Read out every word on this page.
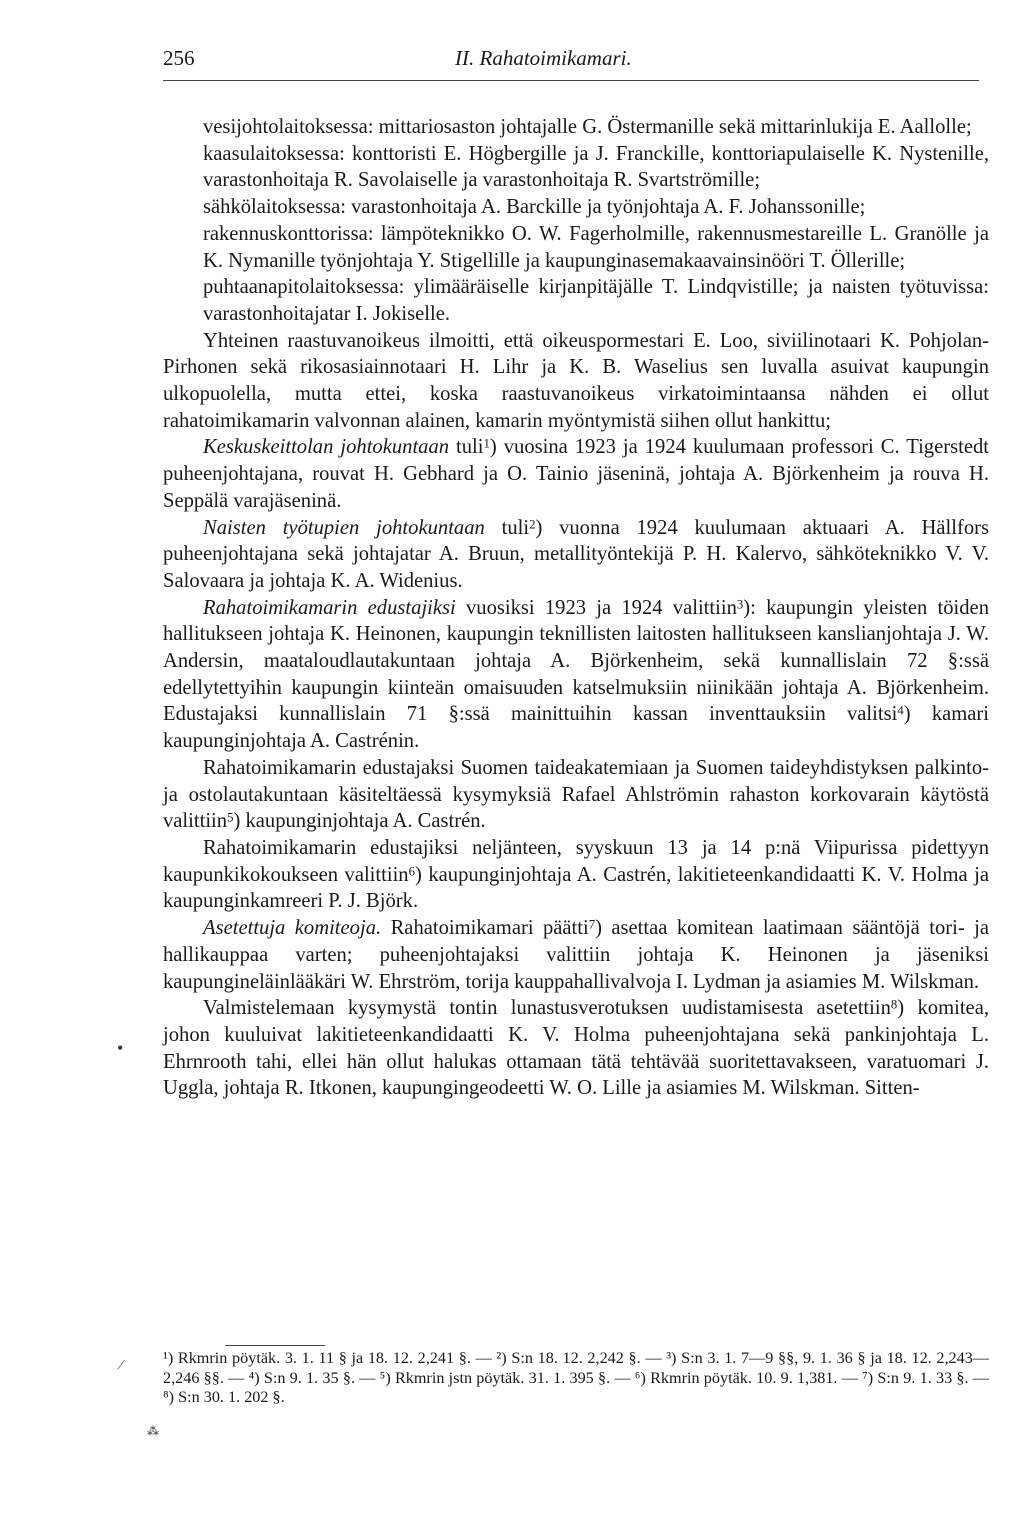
256	II. Rahatoimikamari.

vesijohtolaitoksessa: mittariosaston johtajalle G. Östermanille sekä mittarinlukija E. Aallolle;

kaasulaitoksessa: konttoristi E. Högbergille ja J. Franckille, konttoriapulaiselle K. Nystenille, varastonhoitaja R. Savolaiselle ja varastonhoitaja R. Svartströmille;

sähkölaitoksessa: varastonhoitaja A. Barckille ja työnjohtaja A. F. Johanssonille;

rakennuskonttorissa: lämpöteknikko O. W. Fagerholmille, rakennusmestareille L. Granölle ja K. Nymanille työnjohtaja Y. Stigellille ja kaupunginasemakaavainsinööri T. Öllerille;

puhtaanapitolaitoksessa: ylimääräiselle kirjanpitäjälle T. Lindqvistille; ja naisten työtuvissa: varastonhoitajatar I. Jokiselle.

Yhteinen raastuvanoikeus ilmoitti, että oikeuspormestari E. Loo, siviilinotaari K. Pohjolan-Pirhonen sekä rikosasiainnotaari H. Lihr ja K. B. Waselius sen luvalla asuivat kaupungin ulkopuolella, mutta ettei, koska raastuvanoikeus virkatoimintaansa nähden ei ollut rahatoimikamarin valvonnan alainen, kamarin myöntymistä siihen ollut hankittu;

Keskuskeittolan johtokuntaan tuli$^1$) vuosina 1923 ja 1924 kuulumaan professori C. Tigerstedt puheenjohtajana, rouvat H. Gebhard ja O. Tainio jäseninä, johtaja A. Björkenheim ja rouva H. Seppälä varajäseninä.

Naisten työtupien johtokuntaan tuli$^2$) vuonna 1924 kuulumaan aktuaari A. Hällfors puheenjohtajana sekä johtajatar A. Bruun, metallityöntekijä P. H. Kalervo, sähköteknikko V. V. Salovaara ja johtaja K. A. Widenius.

Rahatoimikamarin edustajiksi vuosiksi 1923 ja 1924 valittiin$^3$): kaupungin yleisten töiden hallitukseen johtaja K. Heinonen, kaupungin teknillisten laitosten hallitukseen kanslianjohtaja J. W. Andersin, maataloudlautakuntaan johtaja A. Björkenheim, sekä kunnallislain 72 §:ssä edellytettyihin kaupungin kiinteän omaisuuden katselmuksiin niinikään johtaja A. Björkenheim. Edustajaksi kunnallislain 71 §:ssä mainittuihin kassan inventtauksiin valitsi$^4$) kamari kaupunginjohtaja A. Castrénin.

Rahatoimikamarin edustajaksi Suomen taideakatemiaan ja Suomen taideyhdistyksen palkinto- ja ostolautakuntaan käsiteltäessä kysymyksiä Rafael Ahlströmin rahaston korkovarain käytöstä valittiin$^5$) kaupunginjohtaja A. Castrén.

Rahatoimikamarin edustajiksi neljänteen, syyskuun 13 ja 14 p:nä Viipurissa pidettyyn kaupunkikokoukseen valittiin$^6$) kaupunginjohtaja A. Castrén, lakitieteenkandidaatti K. V. Holma ja kaupunginkamreeri P. J. Björk.

Asetettuja komiteoja. Rahatoimikamari päätti$^7$) asettaa komitean laatimaan sääntöjä tori- ja hallikauppaa varten; puheenjohtajaksi valittiin johtaja K. Heinonen ja jäseniksi kaupungineläinlääkäri W. Ehrström, torija kauppahallivalvoja I. Lydman ja asiamies M. Wilskman.

Valmistelemaan kysymystä tontin lunastusverotuksen uudistamisesta asetettiin$^8$) komitea, johon kuuluivat lakitieteenkandidaatti K. V. Holma puheenjohtajana sekä pankinjohtaja L. Ehrnrooth tahi, ellei hän ollut halukas ottamaan tätä tehtävää suoritettavakseen, varatuomari J. Uggla, johtaja R. Itkonen, kaupungingeodeetti W. O. Lille ja asiamies M. Wilskman. Sitten-

¹) Rkmrin pöytäk. 3. 1. 11 § ja 18. 12. 2,241 §. — ²) S:n 18. 12. 2,242 §. — ³) S:n 3. 1. 7—9 §§, 9. 1. 36 § ja 18. 12. 2,243—2,246 §§. — ⁴) S:n 9. 1. 35 §. — ⁵) Rkmrin jstn pöytäk. 31. 1. 395 §. — ⁶) Rkmrin pöytäk. 10. 9. 1,381. — ⁷) S:n 9. 1. 33 §. — ⁸) S:n 30. 1. 202 §.

•
⁄
⁂
